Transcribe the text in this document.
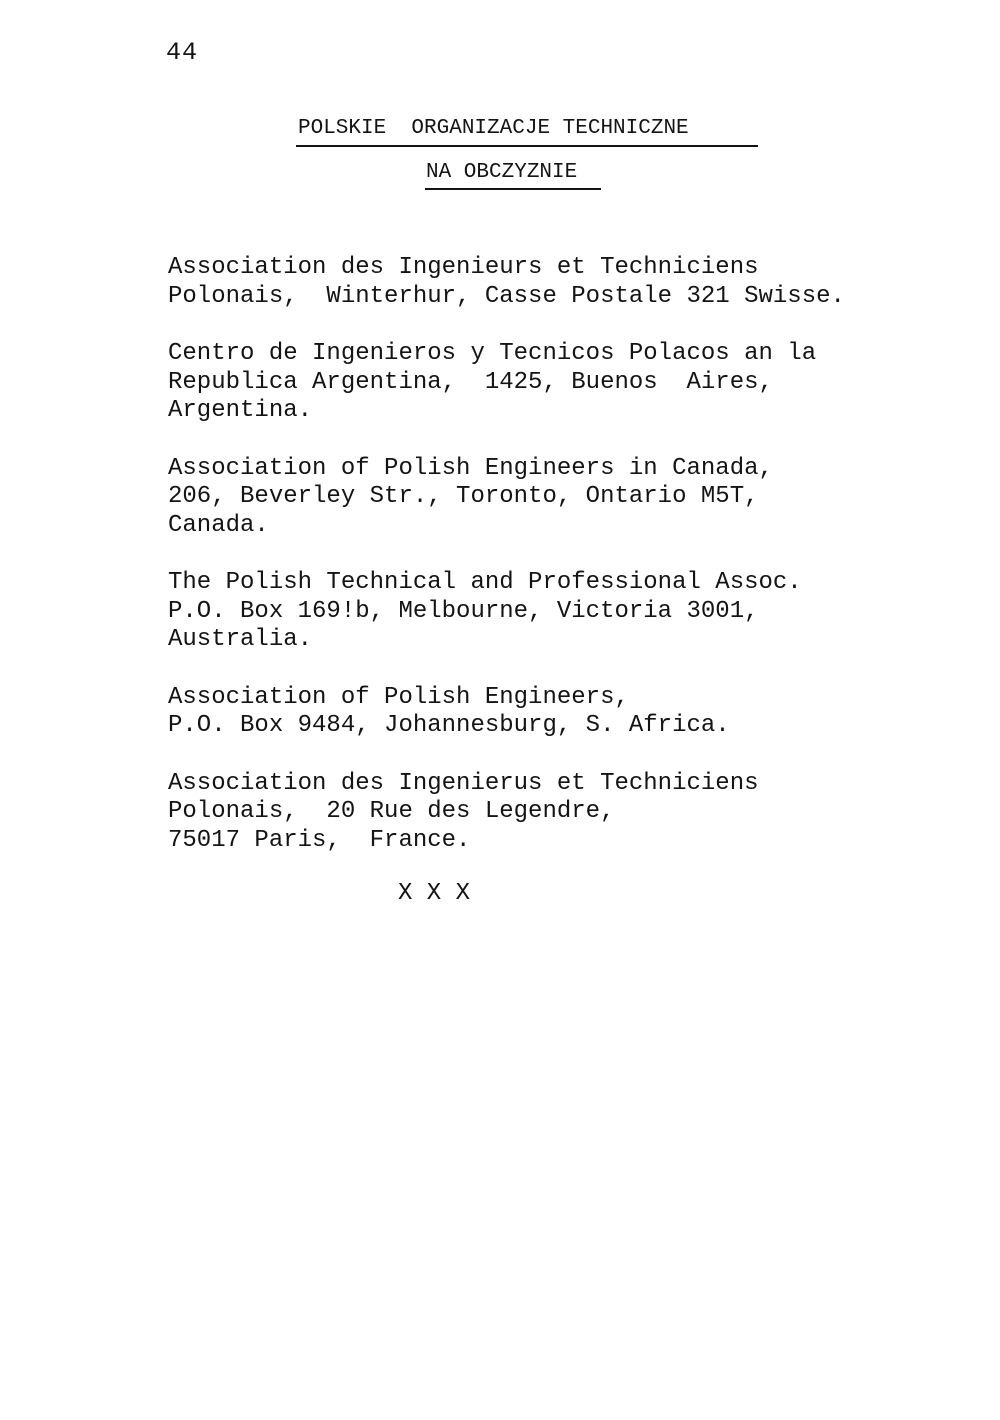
44
POLSKIE  ORGANIZACJE TECHNICZNE
NA OBCZYZNIE
Association des Ingenieurs et Techniciens
Polonais,  Winterhur, Casse Postale 321 Swisse.
Centro de Ingenieros y Tecnicos Polacos an la
Republica Argentina,  1425, Buenos  Aires,
Argentina.
Association of Polish Engineers in Canada,
206, Beverley Str., Toronto, Ontario M5T,
Canada.
The Polish Technical and Professional Assoc.
P.O. Box 169!b, Melbourne, Victoria 3001,
Australia.
Association of Polish Engineers,
P.O. Box 9484, Johannesburg, S. Africa.
Association des Ingenierus et Techniciens
Polonais,  20 Rue des Legendre,
75017 Paris,  France.
X X X
